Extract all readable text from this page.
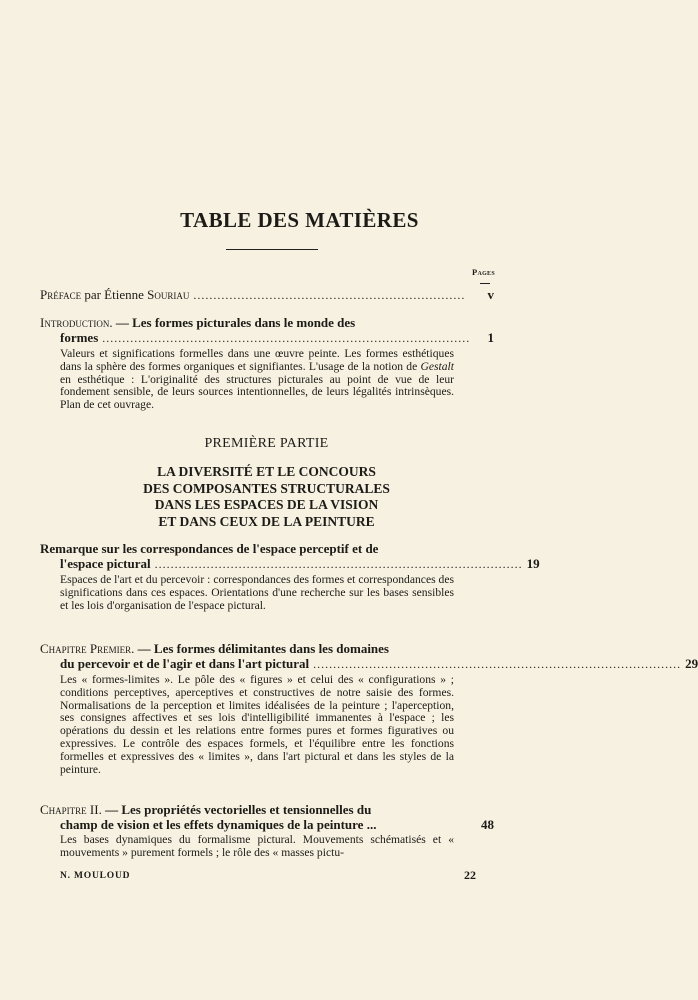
TABLE DES MATIÈRES
Pages
Préface
par Étienne
Souriau ....................................................................	v
Introduction.
— Les formes picturales dans le monde des
formes ............................................................................................	1
Valeurs et significations formelles dans une œuvre peinte. Les formes esthétiques dans la sphère des formes organiques et signifiantes. L'usage de la notion de Gestalt en esthétique : L'originalité des structures picturales au point de vue de leur fondement sensible, de leurs sources intentionnelles, de leurs légalités intrinsèques. Plan de cet ouvrage.
PREMIÈRE PARTIE
LA DIVERSITÉ ET LE CONCOURS
DES COMPOSANTES STRUCTURALES
DANS LES ESPACES DE LA VISION
ET DANS CEUX DE LA PEINTURE
Remarque sur les correspondances de l'espace perceptif et de
l'espace pictural ............................................................................................ 19
Espaces de l'art et du percevoir : correspondances des formes et correspondances des significations dans ces espaces. Orientations d'une recherche sur les bases sensibles et les lois d'organisation de l'espace pictural.
Chapitre Premier.
— Les formes délimitantes dans les domaines
du percevoir et de l'agir et dans l'art pictural ............................................................................................ 29
Les « formes-limites ». Le pôle des « figures » et celui des « configurations » ; conditions perceptives, aperceptives et constructives de notre saisie des formes. Normalisations de la perception et limites idéalisées de la peinture ; l'aperception, ses consignes affectives et ses lois d'intelligibilité immanentes à l'espace ; les opérations du dessin et les relations entre formes pures et formes figuratives ou expressives. Le contrôle des espaces formels, et l'équilibre entre les fonctions formelles et expressives des « limites », dans l'art pictural et dans les styles de la peinture.
Chapitre II.
— Les propriétés vectorielles et tensionnelles du
champ de vision et les effets dynamiques de la peinture ...	48
Les bases dynamiques du formalisme pictural. Mouvements schématisés et « mouvements » purement formels ; le rôle des « masses pictu-
N. MOULOUD	22
